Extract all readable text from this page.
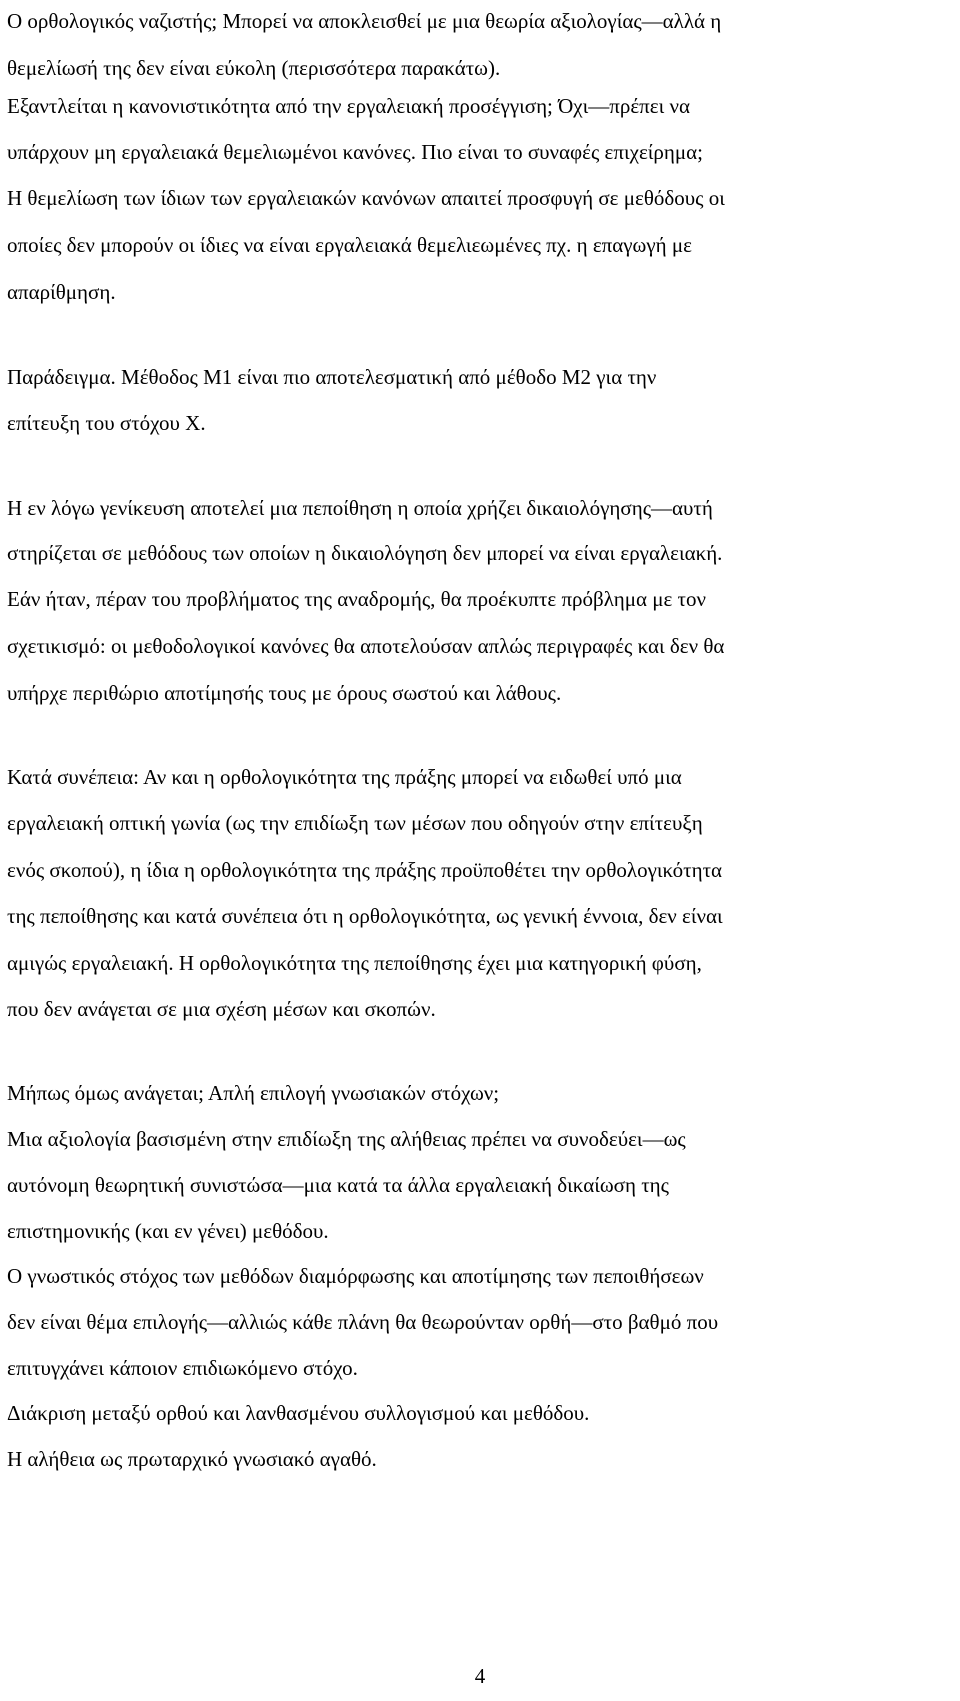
Ο ορθολογικός ναζιστής; Μπορεί να αποκλεισθεί με μια θεωρία αξιολογίας—αλλά η
θεμελίωσή της δεν είναι εύκολη (περισσότερα παρακάτω).
Εξαντλείται η κανονιστικότητα από την εργαλειακή προσέγγιση; Όχι—πρέπει να
υπάρχουν μη εργαλειακά θεμελιωμένοι κανόνες. Πιο είναι το συναφές επιχείρημα;
Η θεμελίωση των ίδιων των εργαλειακών κανόνων απαιτεί προσφυγή σε μεθόδους οι
οποίες δεν μπορούν οι ίδιες να είναι εργαλειακά θεμελιεωμένες πχ. η επαγωγή με
απαρίθμηση.
Παράδειγμα. Μέθοδος Μ1 είναι πιο αποτελεσματική από μέθοδο Μ2 για την
επίτευξη του στόχου Χ.
Η εν λόγω γενίκευση αποτελεί μια πεποίθηση η οποία χρήζει δικαιολόγησης—αυτή
στηρίζεται σε μεθόδους των οποίων η δικαιολόγηση δεν μπορεί να είναι εργαλειακή.
Εάν ήταν, πέραν του προβλήματος της αναδρομής, θα προέκυπτε πρόβλημα με τον
σχετικισμό: οι μεθοδολογικοί κανόνες θα αποτελούσαν απλώς περιγραφές και δεν θα
υπήρχε περιθώριο αποτίμησής τους με όρους σωστού και λάθους.
Κατά συνέπεια: Αν και η ορθολογικότητα της πράξης μπορεί να ειδωθεί υπό μια
εργαλειακή οπτική γωνία (ως την επιδίωξη των μέσων που οδηγούν στην επίτευξη
ενός σκοπού), η ίδια η ορθολογικότητα της πράξης προϋποθέτει την ορθολογικότητα
της πεποίθησης και κατά συνέπεια ότι η ορθολογικότητα, ως γενική έννοια, δεν είναι
αμιγώς εργαλειακή. Η ορθολογικότητα της πεποίθησης έχει μια κατηγορική φύση,
που δεν ανάγεται σε μια σχέση μέσων και σκοπών.
Μήπως όμως ανάγεται; Απλή επιλογή γνωσιακών στόχων;
Μια αξιολογία βασισμένη στην επιδίωξη της αλήθειας πρέπει να συνοδεύει—ως
αυτόνομη θεωρητική συνιστώσα—μια κατά τα άλλα εργαλειακή δικαίωση της
επιστημονικής (και εν γένει) μεθόδου.
Ο γνωστικός στόχος των μεθόδων διαμόρφωσης και αποτίμησης των πεποιθήσεων
δεν είναι θέμα επιλογής—αλλιώς κάθε πλάνη θα θεωρούνταν ορθή—στο βαθμό που
επιτυγχάνει κάποιον επιδιωκόμενο στόχο.
Διάκριση μεταξύ ορθού και λανθασμένου συλλογισμού και μεθόδου.
Η αλήθεια ως πρωταρχικό γνωσιακό αγαθό.
4
